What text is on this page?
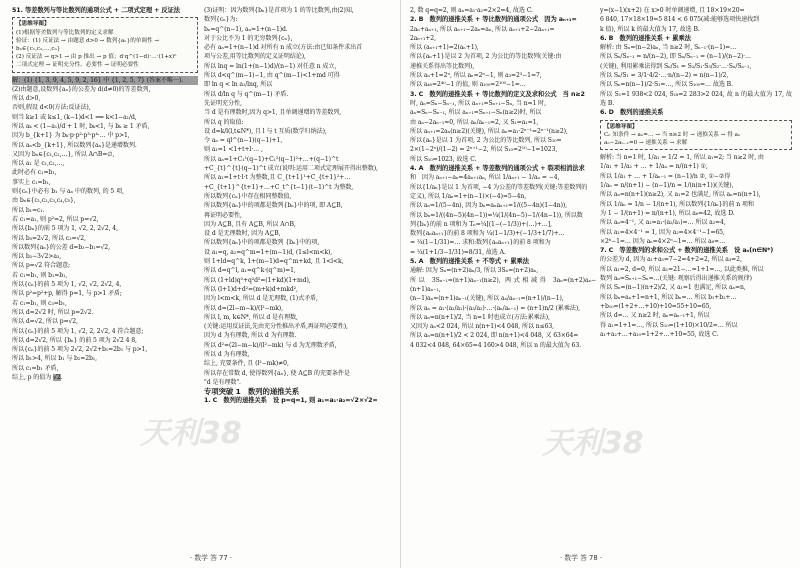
51. 等差数列与等比数列的通项公式 + 二项式定理 + 反证法

【思维导图】
(1)根据等差数列与等比数列的定义求解
验证：(1) 反证法 → 由题意 d>0 → 数列{aₙ}的单调性 → bₙ∈{c₁,c₂,…,cₙ}
(2) 反证法 → q>1 → 由 p 推出 → p 值；d·q^(1−d)·…·(1+x)ⁿ
二项式定理 → 证明充分性、必要性 → 证明必要性

解：(1) {1, 3, 9, 4, 5, 9, 2, 16} 中 {1, 2, 5, 7} (答案不唯一).

(2)由题意,设数列{aₙ}的公差为 d(d≠0)的等差数列,

所以 d>0,

否则,假设 d<0(方法:反证法),

则当 k≥1 或 k≤1, (k−1)d<1 ⟹ k<1−a₁/d,

所以 aₖ < (1−a₁)/d + 1 时, bₖ<1, 与 bₖ ≥ 1 矛盾,

因为 b_{k+1} 为 bₖ·p·p²·p³·p⁴·… 中 p>1,

所以 aₙ<b_{k+1}, 所以数列{aₙ}是递增数列.

又因为 bₙ∈{c₁,c₂,…}, 所以 A∩B=∅,

所以 a₁ 是 c₁,c₂,…,

此时必有 c₁=b₁,

事实上 c₁=b₁,

则{cₙ}中必有 b₁ 与 aₙ 中的数列, 的 5 项,

由 bₙ∈{c₁,c₂,c₃,c₄,c₅},

所以 b₁=c₁.

若 c₁=a₁, 则 p²=2, 所以 p=√2,

所以{bₙ}的前 5 项为 1, √2, 2, 2√2, 4,

所以 b₃=2√2, 所以 c₃=√2,

所以数列{aₙ}的公差 d=b₃−b₁=√2,

所以 b₃−3√2>a₃,

所以 p=√2 符合题意;

若 c₁=b₁, 则 b₁=b₁,

所以{cₙ}的前 5 项为 1, √2, √2, 2√2, 4,

所以 p²=p²+p, 解得 p=1, 与 p>1 矛盾;

若 c₁=b₁, 则 c₃=b₁,

所以 d=2√2 时, 所以 p=2√2.

所以 d=√2, 所以 p=√2,

所以{cₙ}的前 5 项为 1, √2, 2, 2√2, 4 符合题意;

所以 d=2√2, 所以 {bₙ} 的前 5 项为 2√2 4 8,

所以{cₙ}的前 5 项为 2√2, 2√2+b₁=2b₁ 与 p>1,

所以 b₁>4, 所以 b₁ 与 b₂=2b₁,

所以 c₁=b₁ 矛盾,

综上, p 的值为 √2.

(3)证明：因为数列{bₙ}是首项为 1 的等比数列,由(2)知,

数列{cₙ}为:

bₙ=q^(n−1), aₙ=1+(n−1)d.

对于公比不为 1 的无穷数列{cₙ},

必有 aₙ=1+(n−1)d 对所有 n 成立(方法:由已知条件求出首

项与公差,用等比数列的定义证明结论),

所以 lnq = ln(1+(n−1)d)/(n−1) 对任意 n 成立,

所以 d<q^(m−1)−1, 由 q^(m−1)<1+md 可得

即 ln q < ln a₁/lnq, 所以

所以 d/ln q 与 q^(m−1) 矛盾.

先证明充分性,

当 d 是有理数时,因为 q>1, 且单调递增的等差数列,

所以 q 的取值:

设 d=k/l(l,t∈N*), 且 l 与 t 互质(数学归纳法),

令 aₙ = ql^(n−1)(q−1)+1,

则 a₁=1 <1+t+l·… ,

所以 aₙ=1+C₁¹(q−1)+C₁²(q−1)²+…+(q−1)^t

+C_{t}^{t}(q−1)^t 成立(说明:运用二项式定理展开得出整数),

所以 a₁=1+t·l·t 为整数,且 C_{t+1}¹+C_{t+1}²+…

+C_{t+1}^{t+1}+…+C_t^{t−1}(t−1)^t 为整数,

所以数列{cₙ}中存在相同整数值,

所以数列{aₙ}中的项都是数列{bₙ}中的项, 即 A⊆B,

再证明必要性,

因为 A⊆B, 且有 A⊆B, 所以 A∩B,

设 d 是无理数时, 因为 A⊆B,

所以数列{aₙ}中的项都是数列 {bₙ}中的项,

设 a₁=q, a₂=q^m=1+(m−1)d, (1≤l<m<k),

则 1+ld=q^k, 1+(m−1)d=q^m+kd, 且 1<l<k,

所以 d=q^l, a₁=q^k·(q^m)=1,

所以 (1+ld)q²+q²d²=(1+kd)(1+md),

所以 (l+1)d+d²=(m+k)d+mkd²,

因为 l<m<k, 所以 d 是无理数, (1)式矛盾,

所以 d=(2l−m−k)/(l²−mk),

所以 l, m, k∈N*, 所以 d 是有理数,

(关键:运用反证法,先由充分性推出矛盾,再证明必要性),

因为 d 为有理数, 所以 d 为有理数.

所以 d²=(2l−m−k)/(l²−mk) 与 d 为无理数矛盾,

所以 d 为有理数,

综上, 充要条件, 且 (l²−mk)≠0,

所以存在常数 d, 使得数列{aₙ}, 使 A⊆B 的充要条件是

"d 是有理数".

专项突破 1　数列的递推关系

1. C　数列的递推关系　设 p=q=1, 则 a₁=a₁·a₂=√2×√2=

2, 数 q=q=2, 则 aₙ=a₁·a₂=2×2=4, 故选 C.

2. B　数列的递推关系 + 等比数列的通项公式　因为 aₙ₊₁=

2aₙ+aₙ₊₁, 所以 aₙ₊₁−2aₙ=aₙ, 所以 aₙ₊₁+2−2aₙ₊₁=

2aₙ₊₁+2,

所以 (aₙ₊₁+1)=2(aₙ+1),

所以{aₙ+1}是以 2 为首项, 2 为公比的等比数列(关键:由

递推关系得出等比数列),

所以 aₙ+1=2ⁿ, 所以 aₙ=2ⁿ−1, 则 a₃=2³−1=7,

所以 a₄₀=2⁴⁰−1 的值, 则 a₁₀₀=2¹⁰⁰−1=…

3. C　数列的递推关系 + 等比数列的定义及求和公式　当 n≥2

时, aₙ=Sₙ−Sₙ₋₁, 所以 aₙ₊₁=Sₙ₊₁−Sₙ, 当 n=1 时,

aₙ=Sₙ−Sₙ₋₁, 所以 aₙ₊₁=Sₙ₊₁−Sₙ(n≥2)时, 所以

由 aₙ−2aₙ₋₁=0, 所以 aₙ/aₙ₋₁=2, 又 S₁=a₁=1,

所以 aₙ₊₁=2aₙ(n≥2)(关键), 所以 aₙ=a₁·2ⁿ⁻¹=2ⁿ⁻¹(n≥2),

所以{aₙ}是以 1 为首项, 2 为公比的等比数列, 所以 S₁₀=

2×(1−2ⁿ)/(1−2) = 2ⁿ⁺¹−2, 所以 S₁₀=2¹⁰−1=1023,

所以 S₁₀=1023, 故选 C.

4. A　数列的递推关系 + 等差数列的通项公式 + 裂项相消法求

和　因为 aₙ₊₁−aₙ=4aₙ₊₁aₙ, 所以 1/aₙ₊₁ − 1/aₙ = −4,

所以{1/aₙ}是以 1 为首项, −4 为公差的等差数列(关键:等差数列的

定义), 所以 1/aₙ=1+(n−1)×(−4)=5−4n,

所以 aₙ=1/(5−4n), 因为 bₙ=aₙaₙ₊₁=1/((5−4n)(1−4n)),

所以 bₙ=1/((4n−5)(4n−1))=¼(1/(4n−5)−1/(4n−1)), 所以数

列{bₙ}的前 n 项和为 Tₙ=¼[(1−(−1/3))+(…)+…],

数列{aₙaₙ₊₁}的前 8 项和为 ¼(1−1/3)+(−1/3+1/7)+…

= ¼(1−1/31)=… 求和:数列{aₙaₙ₊₁}的前 8 项和为

= ¼(1+1/3−1/31)=8/31, 故选 A.

5. A　数列的递推关系 + 不等式 + 累乘法

通解: 因为 Sₙ=(n+2)aₙ/3, 所以 3Sₙ=(n+2)aₙ,

所以 3Sₙ₋₁=(n+1)aₙ₋₁(n≥2), 两式相减得 3aₙ=(n+2)aₙ−(n+1)aₙ₋₁,

(n−1)aₙ=(n+1)aₙ₋₁(关键), 所以 aₙ/aₙ₋₁=(n+1)/(n−1),

所以 aₙ = a₁·(a₂/a₁)·(a₃/a₂)·…·(aₙ/aₙ₋₁) = (n+1)n/2 (累乘法),

所以 aₙ=n(n+1)/2, 当 n=1 时也成立(方法:累乘法),

又因为 aₙ<2 024, 所以 n(n+1)<4 048, 所以 n≤63,

所以 aₙ=n(n+1)/2 < 2 024, 即 n(n+1)<4 048, 又 63×64=

4 032<4 048, 64×65=4 160>4 048, 所以 n 的最大值为 63.

y=(x−1)(x+2) 在 x>0 时单调递增, 且 18×19×20=

6 840, 17×18×19=5 814 < 6 075(减:能够选项快速找到

k 值), 所以 k 的最大值为 17, 故选 B.

6. B　数列的递推关系 + 累乘法

解析: 由 Sₙ=(n−2)aₙ, 当 n≥2 时, Sₙ₋₁·(n−1)=…

所以 Sₙ/Sₙ₋₁ = n/(n−2), 即 Sₙ/Sₙ₋₁ = (n−1)/(n−2)·…

(关键), 利用累乘法得到 Sₙ/S₁ = S₂/S₁·S₃/S₂·…·Sₙ/Sₙ₋₁,

所以 Sₙ/S₁ = 3/1·4/2·…·n/(n−2) = n(n−1)/2,

所以 Sₙ=n(n−1)/2·S₁=…, 所以 S₁₀₀=… 故选 B.

所以 S₁=1 938<2 024, S₁₈=2 283>2 024, 故 n 的最大值为 17, 故选 B.

6. D　数列的递推关系

【思维导图】
Cₙ 知条件 → aₙ=… → 当 n≥2 时 → 递推关系 → 得 aₙ
aₙ−2aₙ₋₁=0 → 递推关系 → 求解

解析: 当 n=1 时, 1/a₁ = 1/2 = 1, 所以 a₁=2; 当 n≥2 时, 由

1/a₁ + 1/a₂ + … + 1/aₙ = n/(n+1) ①,

所以 1/a₁ + … + 1/aₙ₋₁ = (n−1)/n ②, ①−②得

1/aₙ = n/(n+1) − (n−1)/n = 1/(n(n+1))(关键),

所以 aₙ=n(n+1)(n≥2), 又 a₁=2 也满足, 所以 aₙ=n(n+1),

所以 1/aₙ = 1/n − 1/(n+1), 所以数列{1/aₙ}的前 n 项和

为 1 − 1/(n+1) = n/(n+1), 所以 a₆=42, 故选 D.

所以 aₙ=4⁻¹, 又 a₂=a₁·(a₂/a₁)=… 所以 a₂=4,

所以 a₁=4×4⁻¹ = 1, 因为 a₂=4×4⁻¹−1=65,

×2⁶−1=… 因为 aₙ=4×2ⁿ−1=… 所以 a₆=…

7. C　等差数列的求和公式 + 数列的递推关系　设 aₙ(n∈N*)

的公差为 d, 因为 a₁+a₅=7−2=4+2=2, 所以 a₃=2,

所以 a₁=2, d=0, 所以 a₁=21−…=1+1=…, 以此类推, 所以

数列 aₙ=Sₙ₊₁−Sₙ=…(关键: 观察后得出递推关系的规律)

所以 Sₙ=(n−1)(n+2)/2, 又 a₁=1 也满足, 所以 aₙ=n,

所以 bₙ=aₙ+1=n+1, 所以 bₙ=… 所以 b₁+b₂+…

+b₁₀=(1+2+…+10)+10=55+10=65,

所以 d=… 又 n≥2 时, aₙ=aₙ₋₁+1, 所以

得 a₁=1+1=…, 所以 S₁₀=(1+10)×10/2=… 所以

a₁+a₂+…+a₁₀=1+2+…+10=55, 故选 C.

天利38	天利38
· 数学 答 77 ·	· 数学 答 78 ·
